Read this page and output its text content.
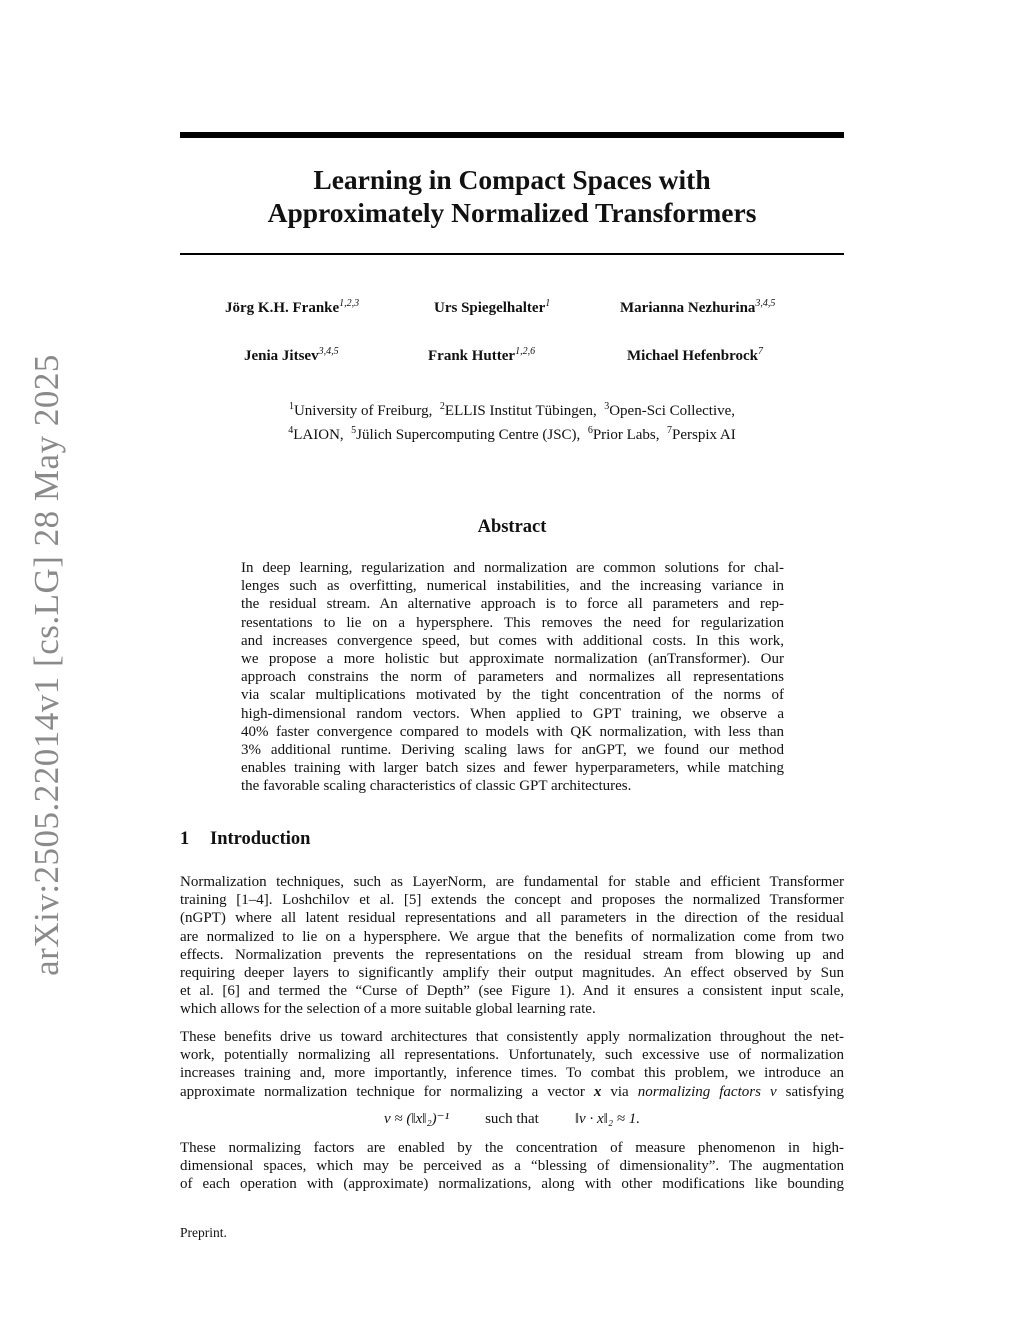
arXiv:2505.22014v1 [cs.LG] 28 May 2025
Learning in Compact Spaces with
Approximately Normalized Transformers
Jörg K.H. Franke$^{1,2,3}$	Urs Spiegelhalter$^1$	Marianna Nezhurina$^{3,4,5}$
Jenia Jitsev$^{3,4,5}$	Frank Hutter$^{1,2,6}$	Michael Hefenbrock$^7$
$^1$University of Freiburg, $^2$ELLIS Institut Tübingen, $^3$Open-Sci Collective,
$^4$LAION, $^5$Jülich Supercomputing Centre (JSC), $^6$Prior Labs, $^7$Perspix AI
Abstract
In deep learning, regularization and normalization are common solutions for chal-
lenges such as overfitting, numerical instabilities, and the increasing variance in
the residual stream. An alternative approach is to force all parameters and rep-
resentations to lie on a hypersphere. This removes the need for regularization
and increases convergence speed, but comes with additional costs. In this work,
we propose a more holistic but approximate normalization (anTransformer). Our
approach constrains the norm of parameters and normalizes all representations
via scalar multiplications motivated by the tight concentration of the norms of
high-dimensional random vectors. When applied to GPT training, we observe a
40% faster convergence compared to models with QK normalization, with less than
3% additional runtime. Deriving scaling laws for anGPT, we found our method
enables training with larger batch sizes and fewer hyperparameters, while matching
the favorable scaling characteristics of classic GPT architectures.
1 Introduction
Normalization techniques, such as LayerNorm, are fundamental for stable and efficient Transformer
training [1–4]. Loshchilov et al. [5] extends the concept and proposes the normalized Transformer
(nGPT) where all latent residual representations and all parameters in the direction of the residual
are normalized to lie on a hypersphere. We argue that the benefits of normalization come from two
effects. Normalization prevents the representations on the residual stream from blowing up and
requiring deeper layers to significantly amplify their output magnitudes. An effect observed by Sun
et al. [6] and termed the “Curse of Depth” (see Figure 1). And it ensures a consistent input scale,
which allows for the selection of a more suitable global learning rate.
These benefits drive us toward architectures that consistently apply normalization throughout the net-
work, potentially normalizing all representations. Unfortunately, such excessive use of normalization
increases training and, more importantly, inference times. To combat this problem, we introduce an
approximate normalization technique for normalizing a vector x via normalizing factors ν satisfying
ν ≈ (‖x‖₂)⁻¹ such that ‖ν · x‖₂ ≈ 1.
These normalizing factors are enabled by the concentration of measure phenomenon in high-
dimensional spaces, which may be perceived as a “blessing of dimensionality”. The augmentation
of each operation with (approximate) normalizations, along with other modifications like bounding
Preprint.
